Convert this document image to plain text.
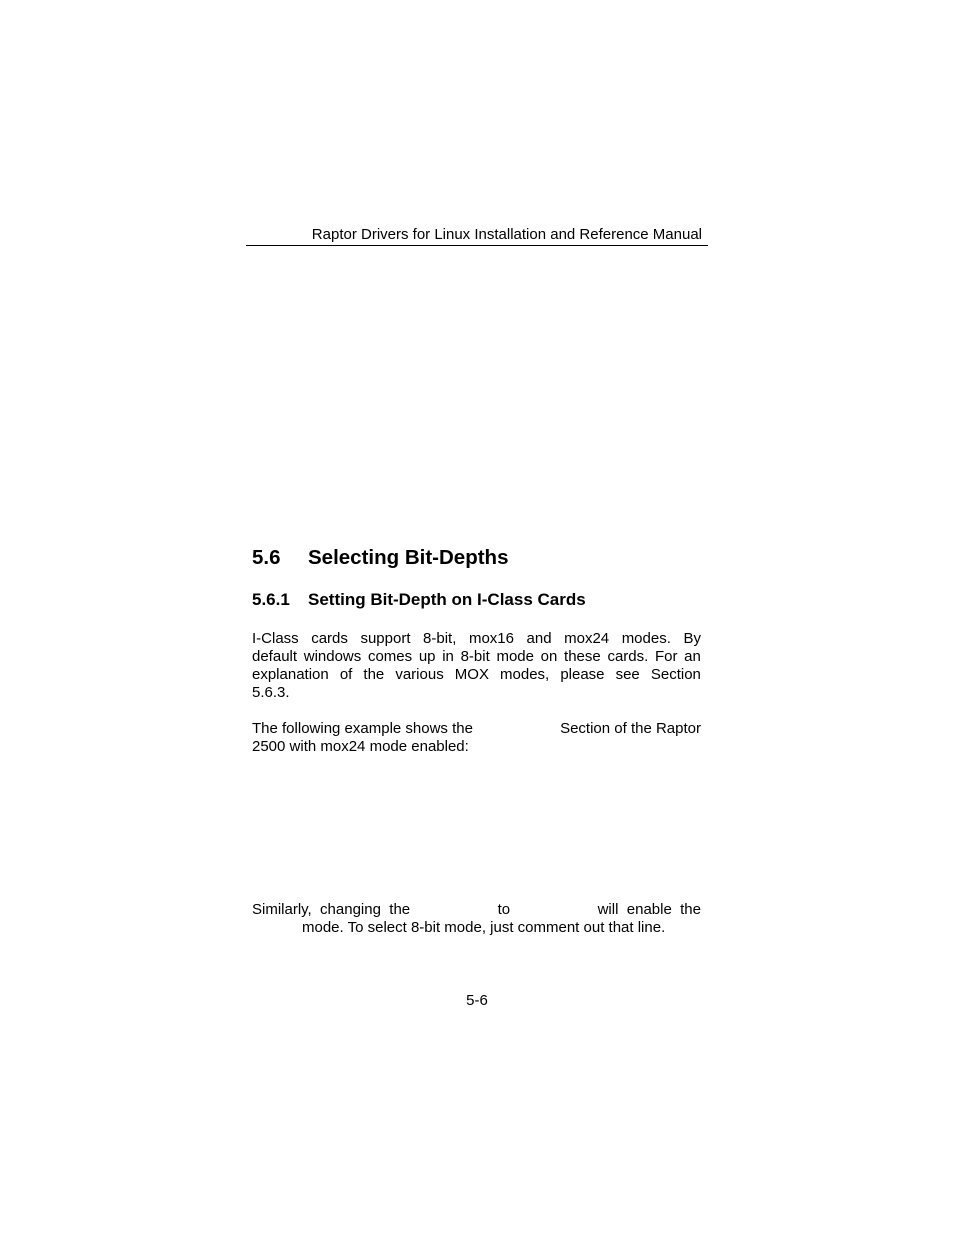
Raptor Drivers for Linux Installation and Reference Manual
5.6 Selecting Bit-Depths
5.6.1 Setting Bit-Depth on I-Class Cards
I-Class cards support 8-bit, mox16 and mox24 modes. By
default windows comes up in 8-bit mode on these cards. For an
explanation of the various MOX modes, please see Section
5.6.3.
The following example shows the	Section of the Raptor
2500 with mox24 mode enabled:
Similarly,  changing  the	to	will  enable  the
mode. To select 8-bit mode, just comment out that line.
5-6
